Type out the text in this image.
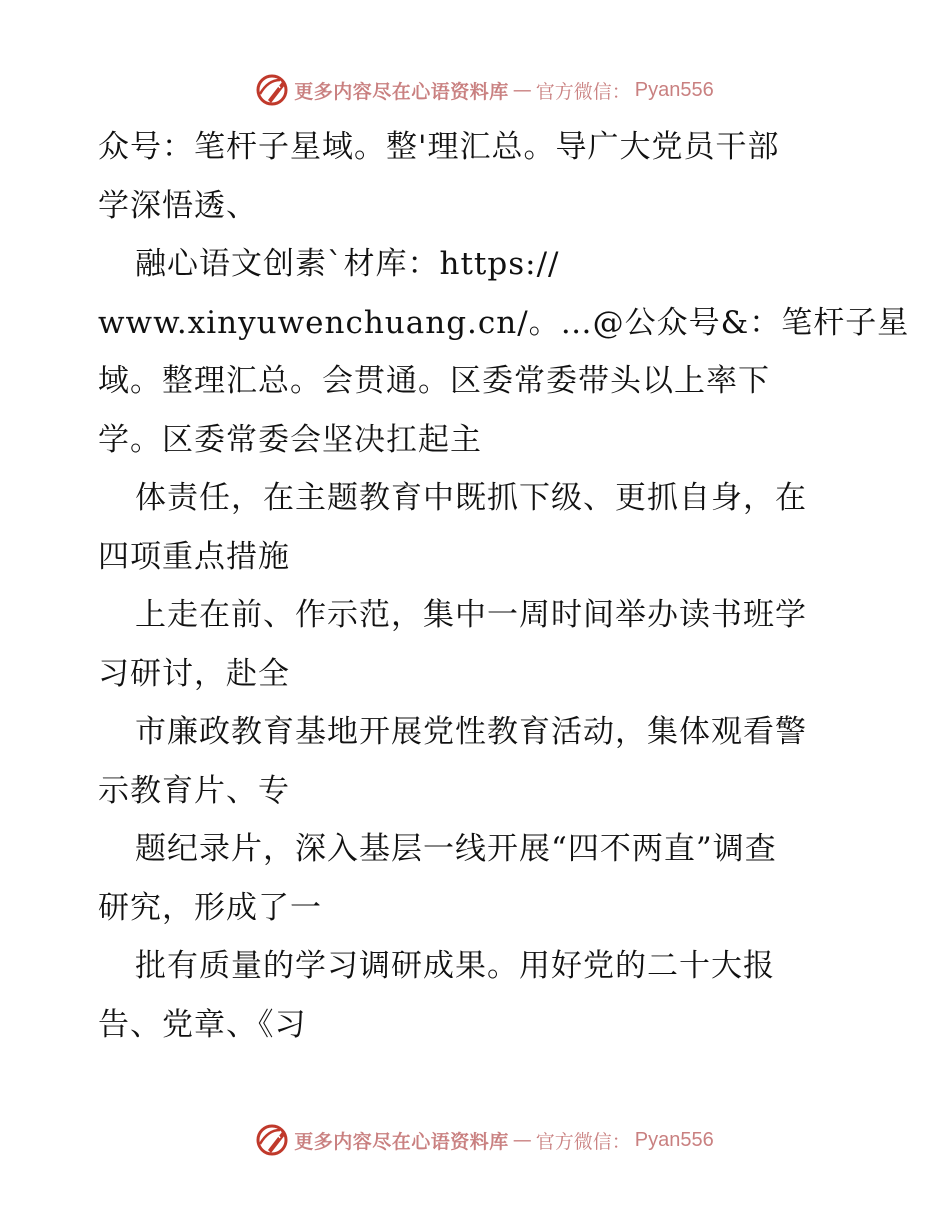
更多内容尽在心语资料库 — 官方微信： Pyan556
众号：笔杆子星域。整'理汇总。导广大党员干部
学深悟透、
融心语文创素`材库：https://
www.xinyuwenchuang.cn/。…@公众号&：笔杆子星
域。整理汇总。会贯通。区委常委带头以上率下
学。区委常委会坚决扛起主
体责任，在主题教育中既抓下级、更抓自身，在
四项重点措施
上走在前、作示范，集中一周时间举办读书班学
习研讨，赴全
市廉政教育基地开展党性教育活动，集体观看警
示教育片、专
题纪录片，深入基层一线开展“四不两直”调查
研究，形成了一
批有质量的学习调研成果。用好党的二十大报
告、党章、《习
更多内容尽在心语资料库 — 官方微信： Pyan556
